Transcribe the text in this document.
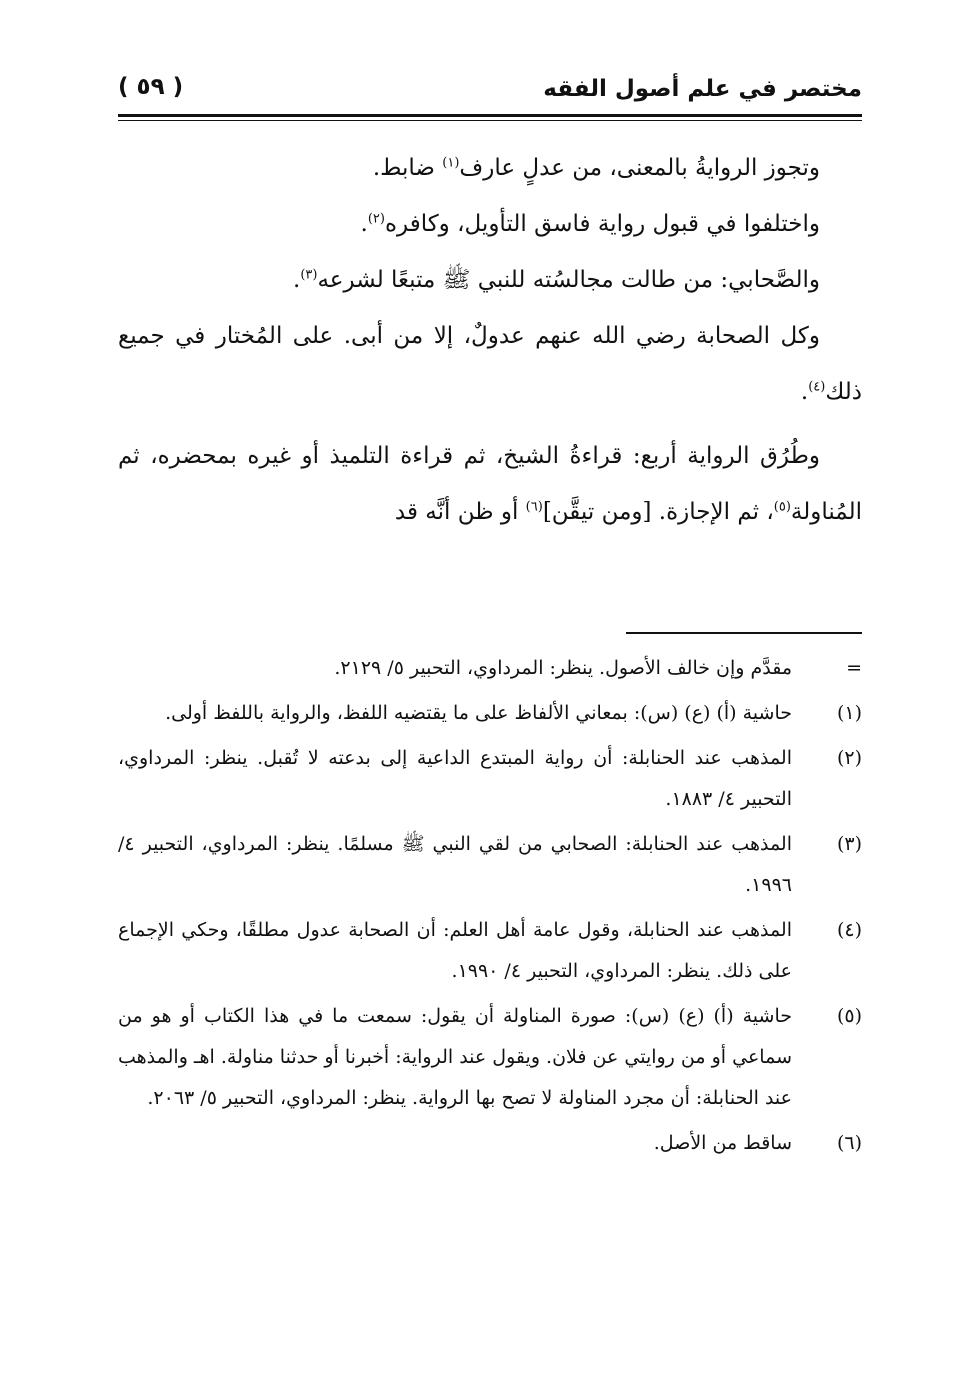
مختصر في علم أصول الفقه
( ٥٩ )

وتجوز الروايةُ بالمعنى، من عدلٍ عارف$^{(١)}$ ضابط.

واختلفوا في قبول رواية فاسق التأويل، وكافره$^{(٢)}$.

والصَّحابي: من طالت مجالسُته للنبي ﷺ متبعًا لشرعه$^{(٣)}$.

وكل الصحابة رضي الله عنهم عدولٌ، إلا من أبى. على المُختار في جميع ذلك$^{(٤)}$.

وطُرُق الرواية أربع: قراءةُ الشيخ، ثم قراءة التلميذ أو غيره بمحضره، ثم المُناولة$^{(٥)}$، ثم الإجازة. [ومن تيقَّن]$^{(٦)}$ أو ظن أنَّه قد

=
مقدَّم وإن خالف الأصول. ينظر: المرداوي، التحبير ٥/ ٢١٢٩.
(١)
حاشية (أ) (ع) (س): بمعاني الألفاظ على ما يقتضيه اللفظ، والرواية باللفظ أولى.
(٢)
المذهب عند الحنابلة: أن رواية المبتدع الداعية إلى بدعته لا تُقبل. ينظر: المرداوي، التحبير ٤/ ١٨٨٣.
(٣)
المذهب عند الحنابلة: الصحابي من لقي النبي ﷺ مسلمًا. ينظر: المرداوي، التحبير ٤/ ١٩٩٦.
(٤)
المذهب عند الحنابلة، وقول عامة أهل العلم: أن الصحابة عدول مطلقًا، وحكي الإجماع على ذلك. ينظر: المرداوي، التحبير ٤/ ١٩٩٠.
(٥)
حاشية (أ) (ع) (س): صورة المناولة أن يقول: سمعت ما في هذا الكتاب أو هو من سماعي أو من روايتي عن فلان. ويقول عند الرواية: أخبرنا أو حدثنا مناولة. اهـ والمذهب عند الحنابلة: أن مجرد المناولة لا تصح بها الرواية. ينظر: المرداوي، التحبير ٥/ ٢٠٦٣.
(٦)
ساقط من الأصل.
